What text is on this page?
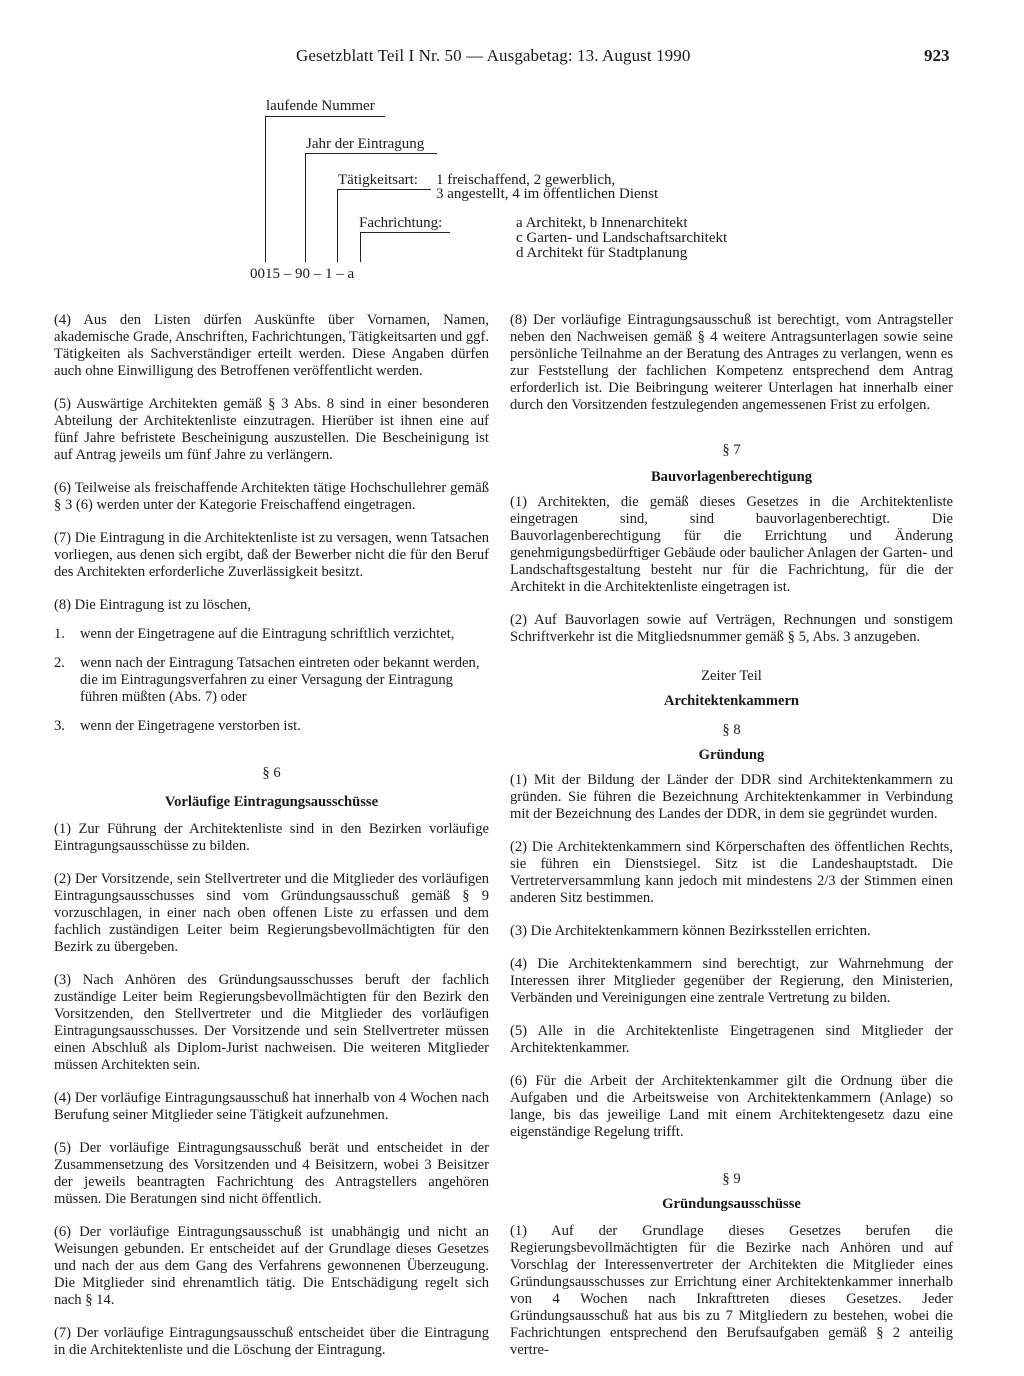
Gesetzblatt Teil I Nr. 50 — Ausgabetag: 13. August 1990	923
laufende Nummer
Jahr der Eintragung
Tätigkeitsart: 1 freischaffend, 2 gewerblich,
3 angestellt, 4 im öffentlichen Dienst
Fachrichtung:	a Architekt, b Innenarchitekt
c Garten- und Landschaftsarchitekt
d Architekt für Stadtplanung
0015 – 90 – 1 – a

(4) Aus den Listen dürfen Auskünfte über Vornamen, Namen, akademische Grade, Anschriften, Fachrichtungen, Tätigkeitsarten und ggf. Tätigkeiten als Sachverständiger erteilt werden. Diese Angaben dürfen auch ohne Einwilligung des Betroffenen veröffentlicht werden.

(5) Auswärtige Architekten gemäß § 3 Abs. 8 sind in einer besonderen Abteilung der Architektenliste einzutragen. Hierüber ist ihnen eine auf fünf Jahre befristete Bescheinigung auszustellen. Die Bescheinigung ist auf Antrag jeweils um fünf Jahre zu verlängern.

(6) Teilweise als freischaffende Architekten tätige Hochschullehrer gemäß § 3 (6) werden unter der Kategorie Freischaffend eingetragen.

(7) Die Eintragung in die Architektenliste ist zu versagen, wenn Tatsachen vorliegen, aus denen sich ergibt, daß der Bewerber nicht die für den Beruf des Architekten erforderliche Zuverlässigkeit besitzt.

(8) Die Eintragung ist zu löschen,

1.	wenn der Eingetragene auf die Eintragung schriftlich verzichtet,
2.	wenn nach der Eintragung Tatsachen eintreten oder bekannt werden, die im Eintragungsverfahren zu einer Versagung der Eintragung führen müßten (Abs. 7) oder
3.	wenn der Eingetragene verstorben ist.

§ 6

Vorläufige Eintragungsausschüsse

(1) Zur Führung der Architektenliste sind in den Bezirken vorläufige Eintragungsausschüsse zu bilden.

(2) Der Vorsitzende, sein Stellvertreter und die Mitglieder des vorläufigen Eintragungsausschusses sind vom Gründungsausschuß gemäß § 9 vorzuschlagen, in einer nach oben offenen Liste zu erfassen und dem fachlich zuständigen Leiter beim Regierungsbevollmächtigten für den Bezirk zu übergeben.

(3) Nach Anhören des Gründungsausschusses beruft der fachlich zuständige Leiter beim Regierungsbevollmächtigten für den Bezirk den Vorsitzenden, den Stellvertreter und die Mitglieder des vorläufigen Eintragungsausschusses. Der Vorsitzende und sein Stellvertreter müssen einen Abschluß als Diplom-Jurist nachweisen. Die weiteren Mitglieder müssen Architekten sein.

(4) Der vorläufige Eintragungsausschuß hat innerhalb von 4 Wochen nach Berufung seiner Mitglieder seine Tätigkeit aufzunehmen.

(5) Der vorläufige Eintragungsausschuß berät und entscheidet in der Zusammensetzung des Vorsitzenden und 4 Beisitzern, wobei 3 Beisitzer der jeweils beantragten Fachrichtung des Antragstellers angehören müssen. Die Beratungen sind nicht öffentlich.

(6) Der vorläufige Eintragungsausschuß ist unabhängig und nicht an Weisungen gebunden. Er entscheidet auf der Grundlage dieses Gesetzes und nach der aus dem Gang des Verfahrens gewonnenen Überzeugung. Die Mitglieder sind ehrenamtlich tätig. Die Entschädigung regelt sich nach § 14.

(7) Der vorläufige Eintragungsausschuß entscheidet über die Eintragung in die Architektenliste und die Löschung der Eintragung.

(8) Der vorläufige Eintragungsausschuß ist berechtigt, vom Antragsteller neben den Nachweisen gemäß § 4 weitere Antragsunterlagen sowie seine persönliche Teilnahme an der Beratung des Antrages zu verlangen, wenn es zur Feststellung der fachlichen Kompetenz entsprechend dem Antrag erforderlich ist. Die Beibringung weiterer Unterlagen hat innerhalb einer durch den Vorsitzenden festzulegenden angemessenen Frist zu erfolgen.

§ 7

Bauvorlagenberechtigung

(1) Architekten, die gemäß dieses Gesetzes in die Architektenliste eingetragen sind, sind bauvorlagenberechtigt. Die Bauvorlagenberechtigung für die Errichtung und Änderung genehmigungsbedürftiger Gebäude oder baulicher Anlagen der Garten- und Landschaftsgestaltung besteht nur für die Fachrichtung, für die der Architekt in die Architektenliste eingetragen ist.

(2) Auf Bauvorlagen sowie auf Verträgen, Rechnungen und sonstigem Schriftverkehr ist die Mitgliedsnummer gemäß § 5, Abs. 3 anzugeben.

Zeiter Teil

Architektenkammern

§ 8

Gründung

(1) Mit der Bildung der Länder der DDR sind Architektenkammern zu gründen. Sie führen die Bezeichnung Architektenkammer in Verbindung mit der Bezeichnung des Landes der DDR, in dem sie gegründet wurden.

(2) Die Architektenkammern sind Körperschaften des öffentlichen Rechts, sie führen ein Dienstsiegel. Sitz ist die Landeshauptstadt. Die Vertreterversammlung kann jedoch mit mindestens 2/3 der Stimmen einen anderen Sitz bestimmen.

(3) Die Architektenkammern können Bezirksstellen errichten.

(4) Die Architektenkammern sind berechtigt, zur Wahrnehmung der Interessen ihrer Mitglieder gegenüber der Regierung, den Ministerien, Verbänden und Vereinigungen eine zentrale Vertretung zu bilden.

(5) Alle in die Architektenliste Eingetragenen sind Mitglieder der Architektenkammer.

(6) Für die Arbeit der Architektenkammer gilt die Ordnung über die Aufgaben und die Arbeitsweise von Architektenkammern (Anlage) so lange, bis das jeweilige Land mit einem Architektengesetz dazu eine eigenständige Regelung trifft.

§ 9

Gründungsausschüsse

(1) Auf der Grundlage dieses Gesetzes berufen die Regierungsbevollmächtigten für die Bezirke nach Anhören und auf Vorschlag der Interessenvertreter der Architekten die Mitglieder eines Gründungsausschusses zur Errichtung einer Architektenkammer innerhalb von 4 Wochen nach Inkrafttreten dieses Gesetzes. Jeder Gründungsausschuß hat aus bis zu 7 Mitgliedern zu bestehen, wobei die Fachrichtungen entsprechend den Berufsaufgaben gemäß § 2 anteilig vertre-
